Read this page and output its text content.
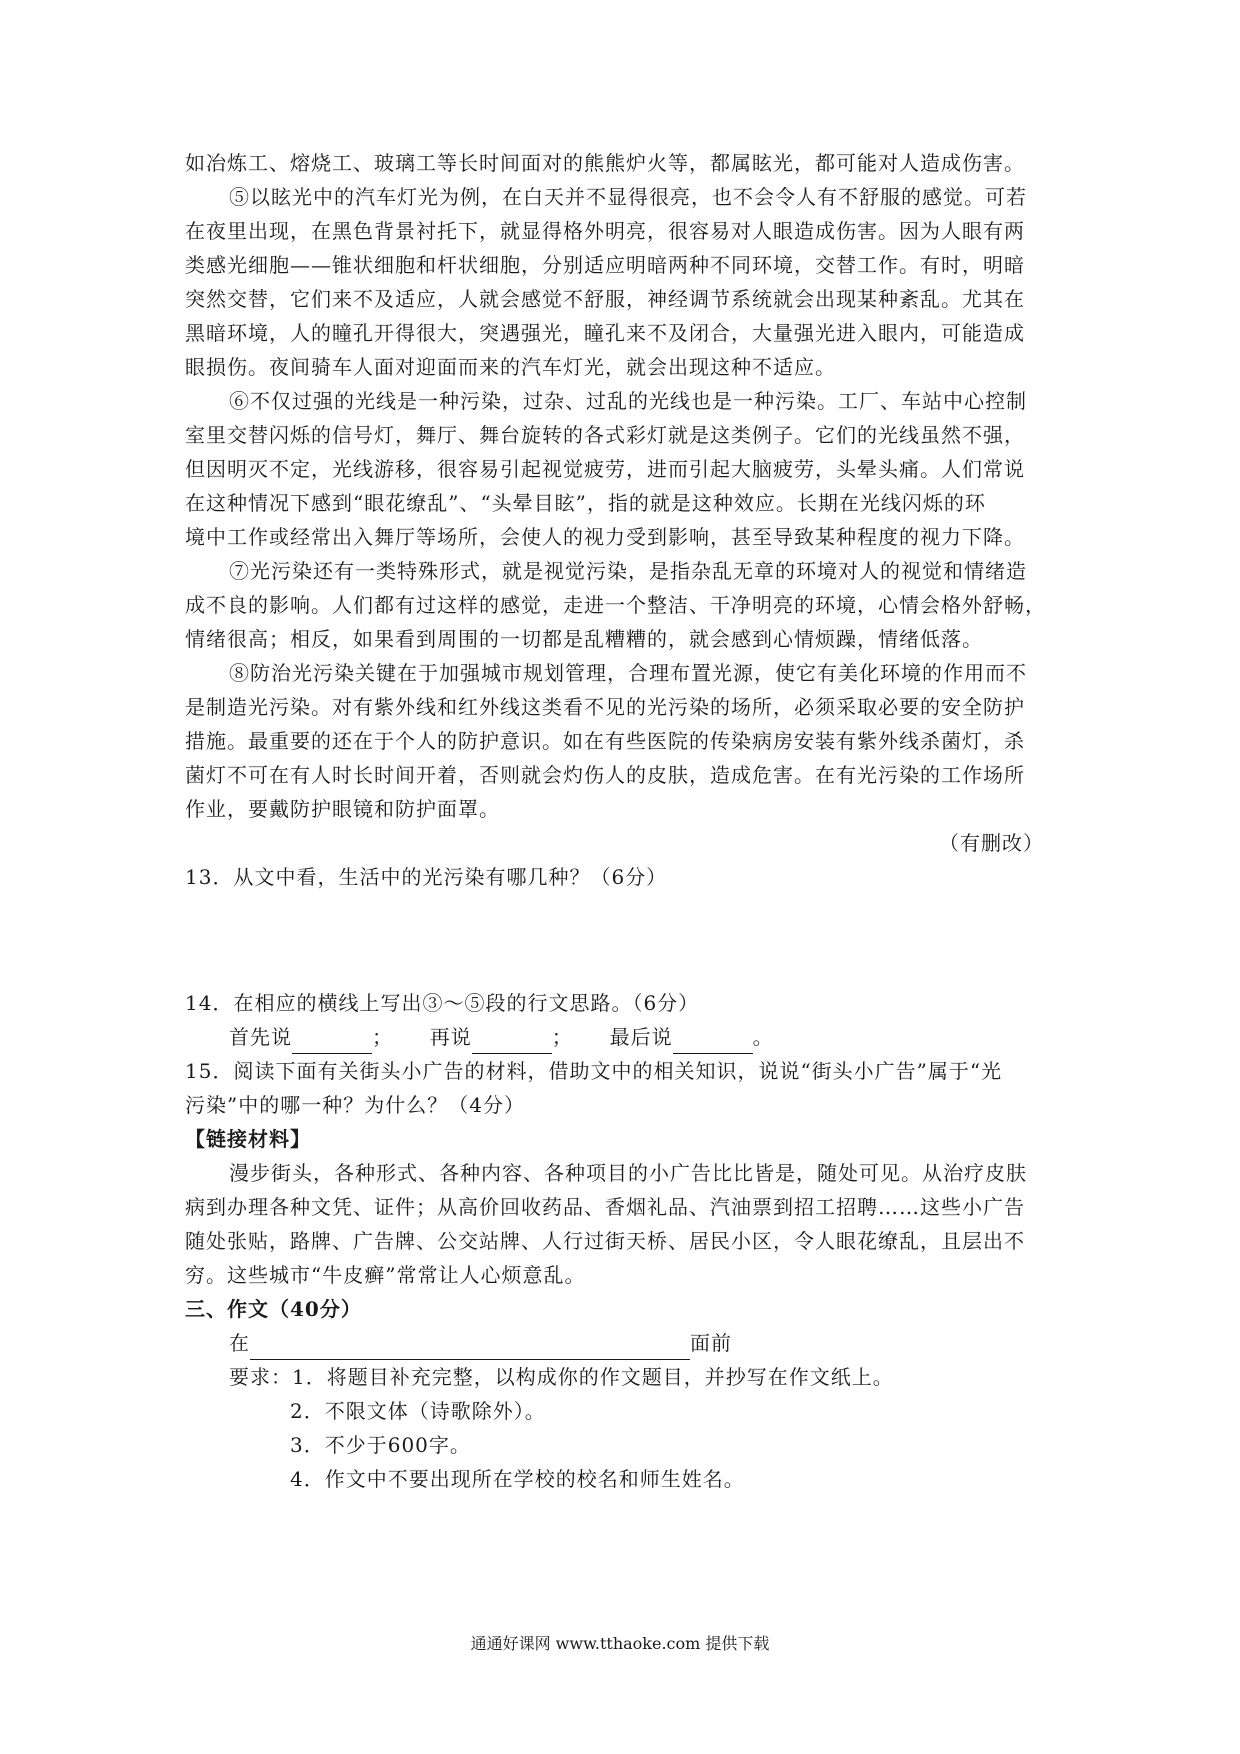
如冶炼工、熔烧工、玻璃工等长时间面对的熊熊炉火等，都属眩光，都可能对人造成伤害。
⑤以眩光中的汽车灯光为例，在白天并不显得很亮，也不会令人有不舒服的感觉。可若
在夜里出现，在黑色背景衬托下，就显得格外明亮，很容易对人眼造成伤害。因为人眼有两
类感光细胞——锥状细胞和杆状细胞，分别适应明暗两种不同环境，交替工作。有时，明暗
突然交替，它们来不及适应，人就会感觉不舒服，神经调节系统就会出现某种紊乱。尤其在
黑暗环境，人的瞳孔开得很大，突遇强光，瞳孔来不及闭合，大量强光进入眼内，可能造成
眼损伤。夜间骑车人面对迎面而来的汽车灯光，就会出现这种不适应。
⑥不仅过强的光线是一种污染，过杂、过乱的光线也是一种污染。工厂、车站中心控制
室里交替闪烁的信号灯，舞厅、舞台旋转的各式彩灯就是这类例子。它们的光线虽然不强，
但因明灭不定，光线游移，很容易引起视觉疲劳，进而引起大脑疲劳，头晕头痛。人们常说
在这种情况下感到“眼花缭乱”、“头晕目眩”，指的就是这种效应。长期在光线闪烁的环
境中工作或经常出入舞厅等场所，会使人的视力受到影响，甚至导致某种程度的视力下降。
⑦光污染还有一类特殊形式，就是视觉污染，是指杂乱无章的环境对人的视觉和情绪造
成不良的影响。人们都有过这样的感觉，走进一个整洁、干净明亮的环境，心情会格外舒畅，
情绪很高；相反，如果看到周围的一切都是乱糟糟的，就会感到心情烦躁，情绪低落。
⑧防治光污染关键在于加强城市规划管理，合理布置光源，使它有美化环境的作用而不
是制造光污染。对有紫外线和红外线这类看不见的光污染的场所，必须采取必要的安全防护
措施。最重要的还在于个人的防护意识。如在有些医院的传染病房安装有紫外线杀菌灯，杀
菌灯不可在有人时长时间开着，否则就会灼伤人的皮肤，造成危害。在有光污染的工作场所
作业，要戴防护眼镜和防护面罩。
（有删改）
13．从文中看，生活中的光污染有哪几种？（6分）
14．在相应的横线上写出③～⑤段的行文思路。（6分）
首先说	； 再说	； 最后说	。
15．阅读下面有关街头小广告的材料，借助文中的相关知识，说说“街头小广告”属于“光
污染”中的哪一种？为什么？（4分）
【链接材料】
漫步街头，各种形式、各种内容、各种项目的小广告比比皆是，随处可见。从治疗皮肤
病到办理各种文凭、证件；从高价回收药品、香烟礼品、汽油票到招工招聘……这些小广告
随处张贴，路牌、广告牌、公交站牌、人行过街天桥、居民小区，令人眼花缭乱，且层出不
穷。这些城市“牛皮癣”常常让人心烦意乱。
三、作文（40分）
在	面前
要求：1．将题目补充完整，以构成你的作文题目，并抄写在作文纸上。
2．不限文体（诗歌除外）。
3．不少于600字。
4．作文中不要出现所在学校的校名和师生姓名。
通通好课网 www.tthaoke.com 提供下载
